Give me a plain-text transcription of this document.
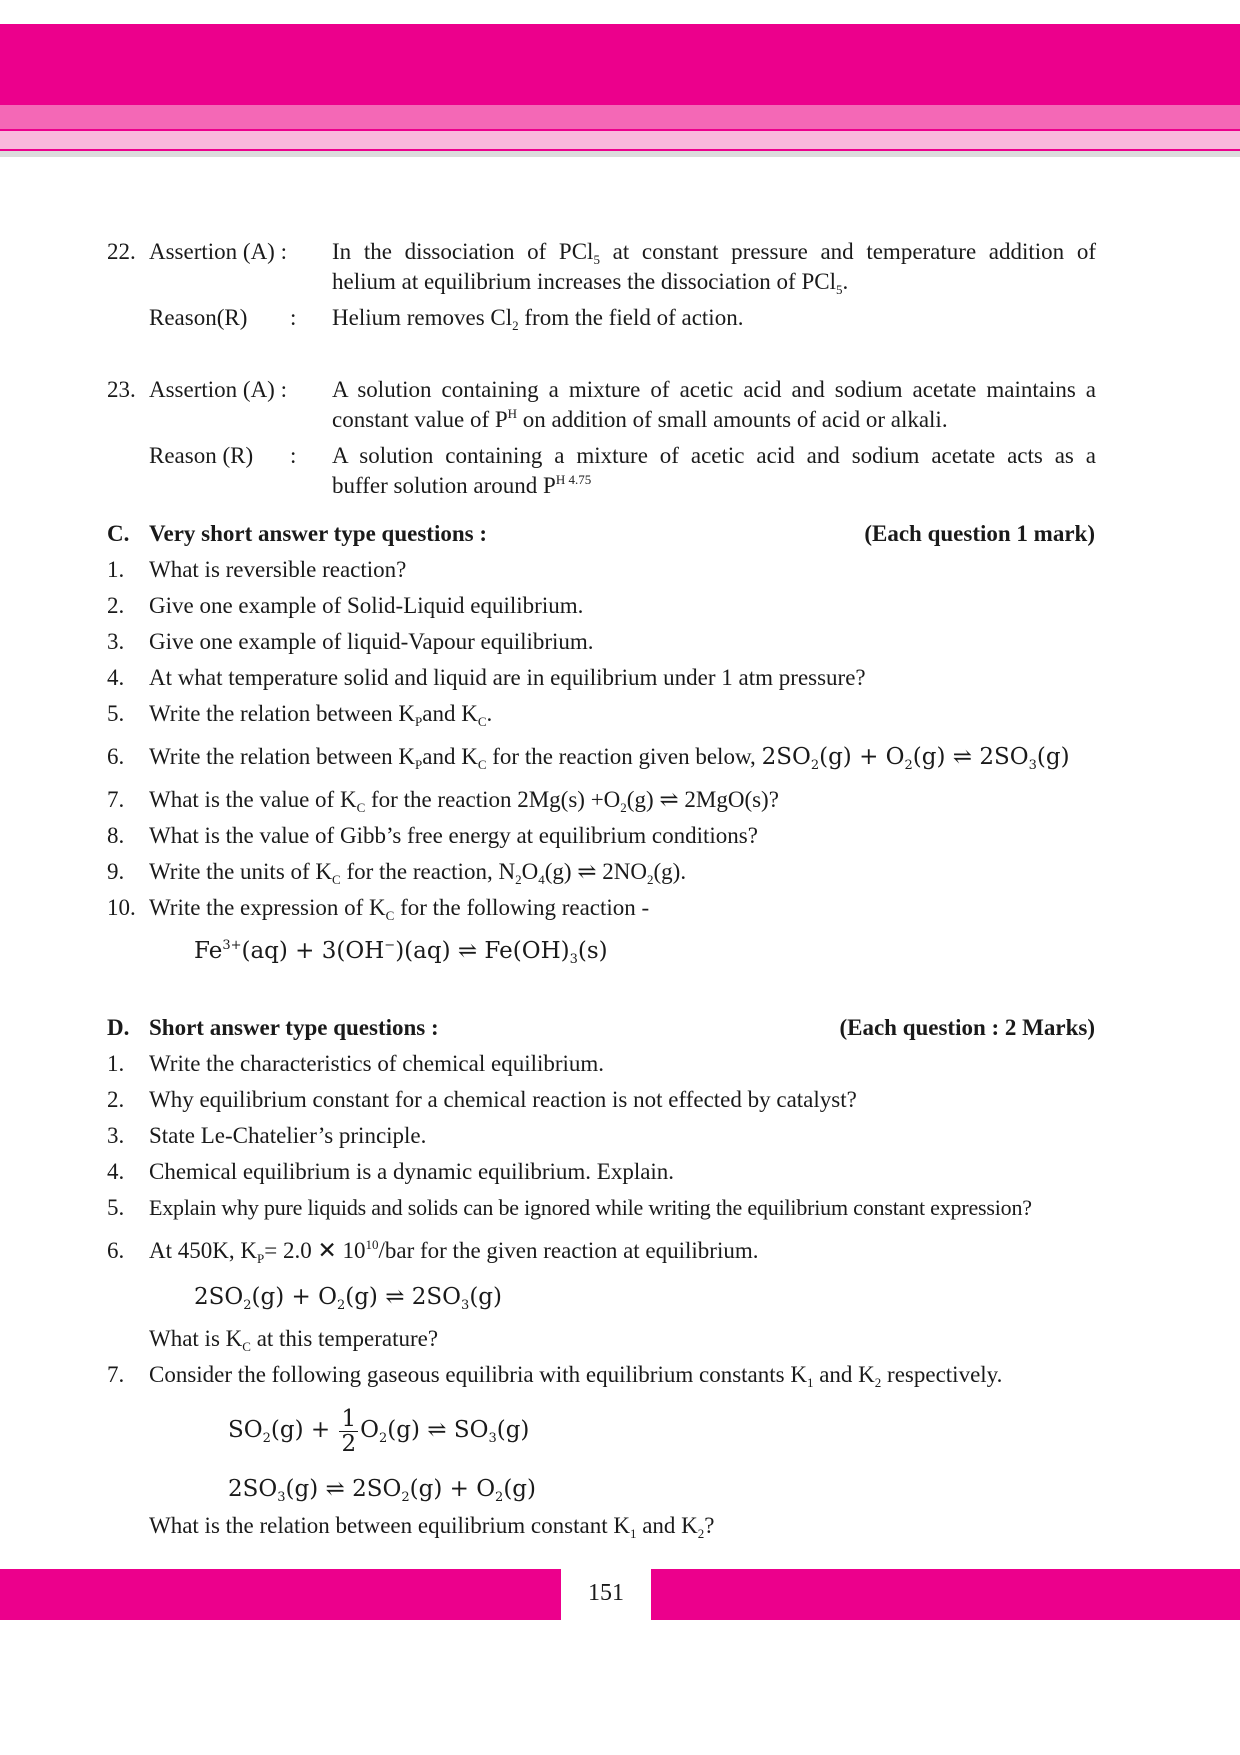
22. Assertion (A) : In the dissociation of PCl$_5$ at constant pressure and temperature addition of
helium at equilibrium increases the dissociation of PCl$_5$.
Reason(R) : Helium removes $Cl_2$ from the field of action.
23. Assertion (A) : A solution containing a mixture of acetic acid and sodium acetate maintains a
constant value of $P^H$ on addition of small amounts of acid or alkali.
Reason (R) : A solution containing a mixture of acetic acid and sodium acetate acts as a
buffer solution around $P^{H 4.75}$
C. Very short answer type questions :	(Each question 1 mark)
1. What is reversible reaction?
2. Give one example of Solid-Liquid equilibrium.
3. Give one example of liquid-Vapour equilibrium.
4. At what temperature solid and liquid are in equilibrium under 1 atm pressure?
5. Write the relation between $K_Pand$ $K_C$.
6. Write the relation between $K_Pand$ $K_C$ for the reaction given below, $2SO_2(g) + O_2(g)$ ⇌ $2SO_3(g)$
7. What is the value of $K_C$ for the reaction $2Mg(s) +O_2(g)$ ⇌ 2MgO(s)?
8. What is the value of Gibb’s free energy at equilibrium conditions?
9. Write the units of $K_C$ for the reaction, $N_2O_4(g)$ ⇌ $2NO_2(g)$.
10. Write the expression of $K_C$ for the following reaction -
$Fe^{3+}(aq) + 3(OH^-)(aq)$ ⇌ $Fe(OH)_3(s)$
D. Short answer type questions :	(Each question : 2 Marks)
1. Write the characteristics of chemical equilibrium.
2. Why equilibrium constant for a chemical reaction is not effected by catalyst?
3. State Le-Chatelier’s principle.
4. Chemical equilibrium is a dynamic equilibrium. Explain.
5. Explain why pure liquids and solids can be ignored while writing the equilibrium constant expression?
6. At 450K, $K_P= 2.0$ ✕ $10^{10}$/bar for the given reaction at equilibrium.
$2SO_2(g) + O_2(g)$ ⇌ $2SO_3(g)$
What is $K_C$ at this temperature?
7. Consider the following gaseous equilibria with equilibrium constants $K_1$ and $K_2$ respectively.
$SO_2(g) + \frac{1}{2} O_2(g)$ ⇌ $SO_3(g)$
$2SO_3(g)$ ⇌ $2SO_2(g) + O_2(g)$
What is the relation between equilibrium constant $K_1$ and $K_2$?
151
